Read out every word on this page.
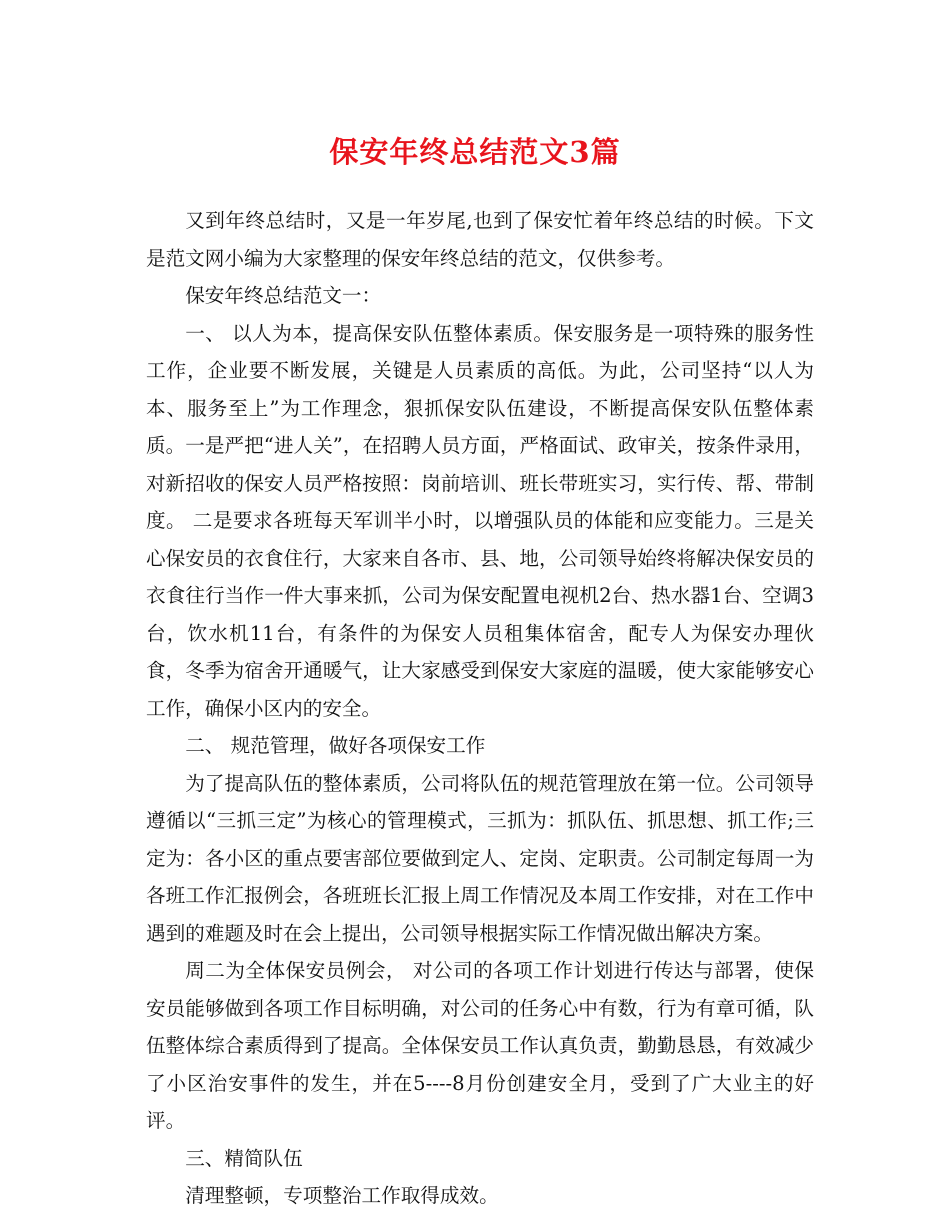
保安年终总结范文3篇

又到年终总结时，又是一年岁尾,也到了保安忙着年终总结的时候。下文是范文网小编为大家整理的保安年终总结的范文，仅供参考。

保安年终总结范文一：

一、 以人为本，提高保安队伍整体素质。保安服务是一项特殊的服务性工作，企业要不断发展，关键是人员素质的高低。为此，公司坚持“以人为本、服务至上”为工作理念，狠抓保安队伍建设，不断提高保安队伍整体素质。一是严把“进人关”，在招聘人员方面，严格面试、政审关，按条件录用，对新招收的保安人员严格按照：岗前培训、班长带班实习，实行传、帮、带制度。 二是要求各班每天军训半小时，以增强队员的体能和应变能力。三是关心保安员的衣食住行，大家来自各市、县、地，公司领导始终将解决保安员的衣食往行当作一件大事来抓，公司为保安配置电视机2台、热水器1台、空调3台，饮水机11台，有条件的为保安人员租集体宿舍，配专人为保安办理伙食，冬季为宿舍开通暖气，让大家感受到保安大家庭的温暖，使大家能够安心工作，确保小区内的安全。

二、 规范管理，做好各项保安工作

为了提高队伍的整体素质，公司将队伍的规范管理放在第一位。公司领导遵循以“三抓三定”为核心的管理模式，三抓为：抓队伍、抓思想、抓工作;三定为：各小区的重点要害部位要做到定人、定岗、定职责。公司制定每周一为各班工作汇报例会，各班班长汇报上周工作情况及本周工作安排，对在工作中遇到的难题及时在会上提出，公司领导根据实际工作情况做出解决方案。

周二为全体保安员例会， 对公司的各项工作计划进行传达与部署，使保安员能够做到各项工作目标明确，对公司的任务心中有数，行为有章可循，队伍整体综合素质得到了提高。全体保安员工作认真负责，勤勤恳恳，有效减少了小区治安事件的发生，并在5----8月份创建安全月，受到了广大业主的好评。

三、精简队伍

清理整顿，专项整治工作取得成效。
